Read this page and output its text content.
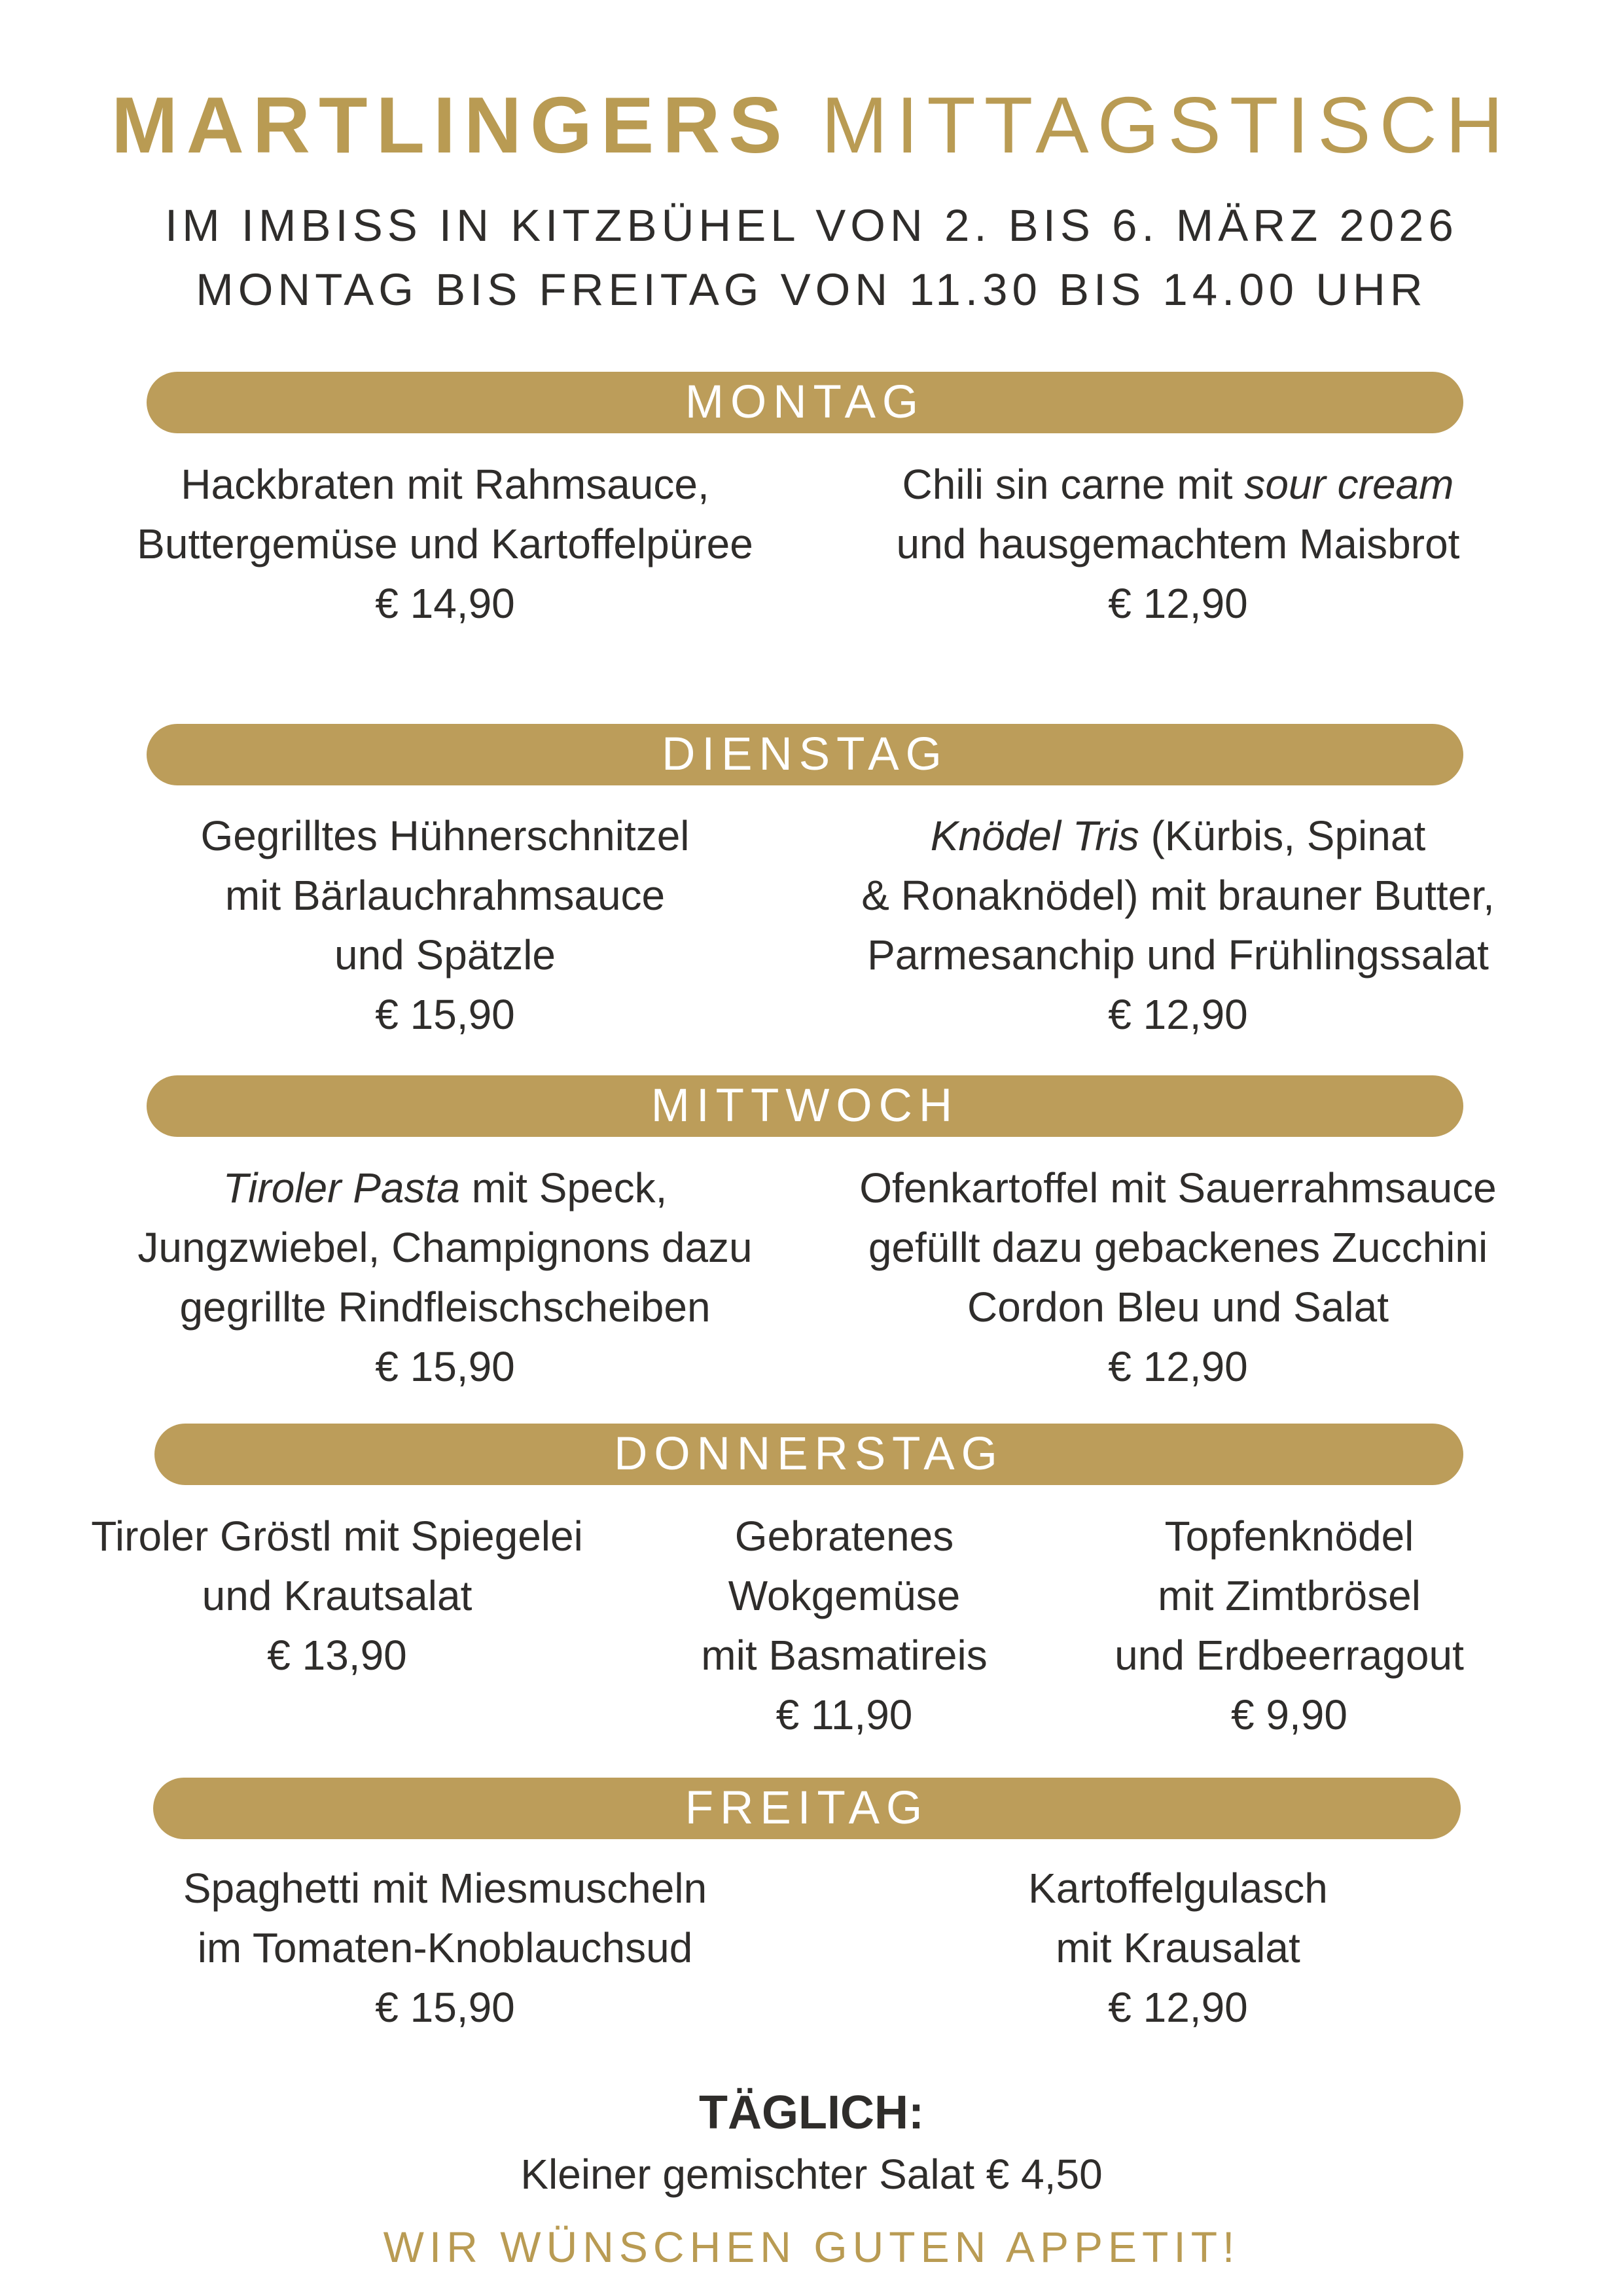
MARTLINGERS MITTAGSTISCH
IM IMBISS IN KITZBÜHEL VON 2. BIS 6. MÄRZ 2026
MONTAG BIS FREITAG VON 11.30 BIS 14.00 UHR
MONTAG
Hackbraten mit Rahmsauce,
Buttergemüse und Kartoffelpüree
€ 14,90
Chili sin carne mit sour cream
und hausgemachtem Maisbrot
€ 12,90
DIENSTAG
Gegrilltes Hühnerschnitzel
mit Bärlauchrahmsauce
und Spätzle
€ 15,90
Knödel Tris (Kürbis, Spinat
& Ronaknödel) mit brauner Butter,
Parmesanchip und Frühlingssalat
€ 12,90
MITTWOCH
Tiroler Pasta mit Speck,
Jungzwiebel, Champignons dazu
gegrillte Rindfleischscheiben
€ 15,90
Ofenkartoffel mit Sauerrahmsauce
gefüllt dazu gebackenes Zucchini
Cordon Bleu und Salat
€ 12,90
DONNERSTAG
Tiroler Gröstl mit Spiegelei
und Krautsalat
€ 13,90
Gebratenes
Wokgemüse
mit Basmatireis
€ 11,90
Topfenknödel
mit Zimtbrösel
und Erdbeerragout
€ 9,90
FREITAG
Spaghetti mit Miesmuscheln
im Tomaten-Knoblauchsud
€ 15,90
Kartoffelgulasch
mit Krausalat
€ 12,90
TÄGLICH:
Kleiner gemischter Salat € 4,50
WIR WÜNSCHEN GUTEN APPETIT!
